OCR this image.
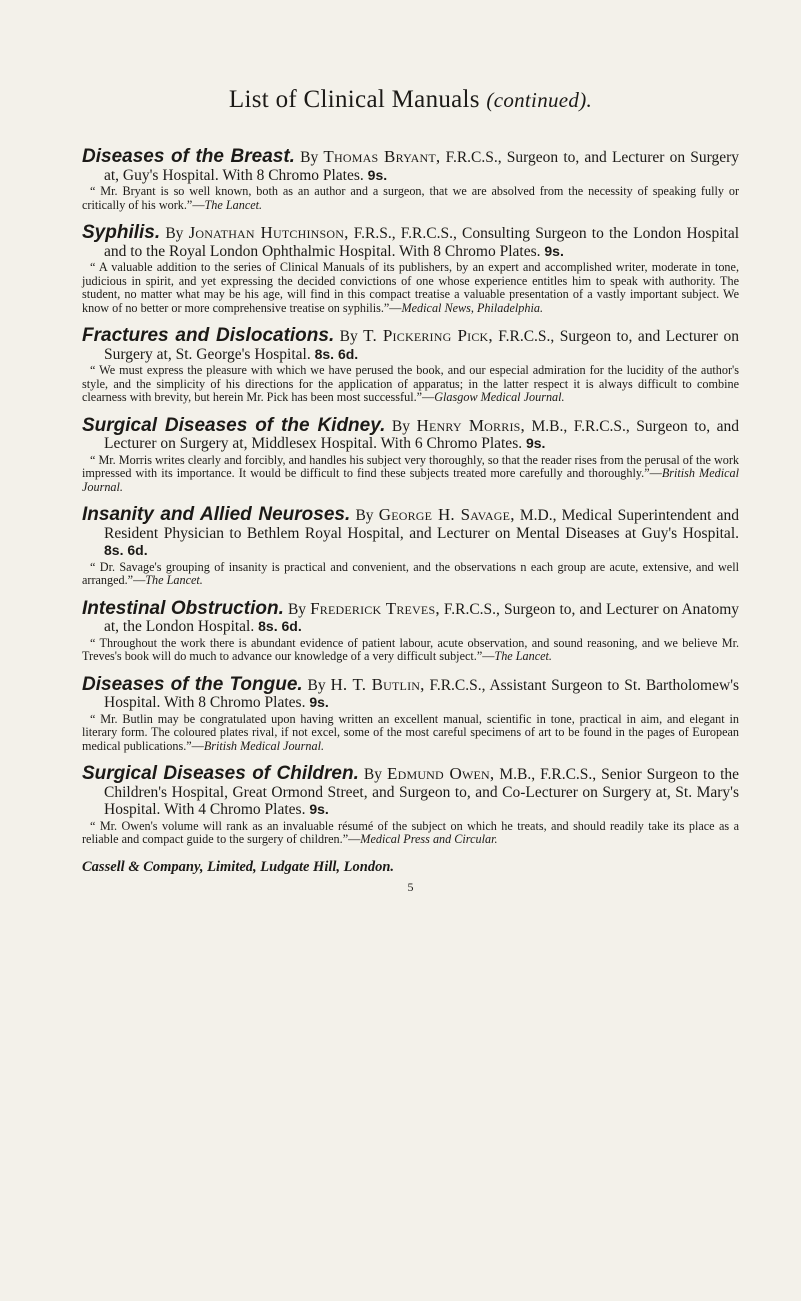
List of Clinical Manuals (continued).
Diseases of the Breast. By Thomas Bryant, F.R.C.S., Surgeon to, and Lecturer on Surgery at, Guy's Hospital. With 8 Chromo Plates. 9s.
“ Mr. Bryant is so well known, both as an author and a surgeon, that we are absolved from the necessity of speaking fully or critically of his work.”—The Lancet.
Syphilis. By Jonathan Hutchinson, F.R.S., F.R.C.S., Consulting Surgeon to the London Hospital and to the Royal London Ophthalmic Hospital. With 8 Chromo Plates. 9s.
“ A valuable addition to the series of Clinical Manuals of its publishers, by an expert and accomplished writer, moderate in tone, judicious in spirit, and yet expressing the decided convictions of one whose experience entitles him to speak with authority. The student, no matter what may be his age, will find in this compact treatise a valuable presentation of a vastly important subject. We know of no better or more comprehensive treatise on syphilis.”—Medical News, Philadelphia.
Fractures and Dislocations. By T. Pickering Pick, F.R.C.S., Surgeon to, and Lecturer on Surgery at, St. George's Hospital. 8s. 6d.
“ We must express the pleasure with which we have perused the book, and our especial admiration for the lucidity of the author's style, and the simplicity of his directions for the application of apparatus; in the latter respect it is always difficult to combine clearness with brevity, but herein Mr. Pick has been most successful.”—Glasgow Medical Journal.
Surgical Diseases of the Kidney. By Henry Morris, M.B., F.R.C.S., Surgeon to, and Lecturer on Surgery at, Middlesex Hospital. With 6 Chromo Plates. 9s.
“ Mr. Morris writes clearly and forcibly, and handles his subject very thoroughly, so that the reader rises from the perusal of the work impressed with its importance. It would be difficult to find these subjects treated more carefully and thoroughly.”—British Medical Journal.
Insanity and Allied Neuroses. By George H. Savage, M.D., Medical Superintendent and Resident Physician to Bethlem Royal Hospital, and Lecturer on Mental Diseases at Guy's Hospital. 8s. 6d.
“ Dr. Savage's grouping of insanity is practical and convenient, and the observations n each group are acute, extensive, and well arranged.”—The Lancet.
Intestinal Obstruction. By Frederick Treves, F.R.C.S., Surgeon to, and Lecturer on Anatomy at, the London Hospital. 8s. 6d.
“ Throughout the work there is abundant evidence of patient labour, acute observation, and sound reasoning, and we believe Mr. Treves's book will do much to advance our knowledge of a very difficult subject.”—The Lancet.
Diseases of the Tongue. By H. T. Butlin, F.R.C.S., Assistant Surgeon to St. Bartholomew's Hospital. With 8 Chromo Plates. 9s.
“ Mr. Butlin may be congratulated upon having written an excellent manual, scientific in tone, practical in aim, and elegant in literary form. The coloured plates rival, if not excel, some of the most careful specimens of art to be found in the pages of European medical publications.”—British Medical Journal.
Surgical Diseases of Children. By Edmund Owen, M.B., F.R.C.S., Senior Surgeon to the Children's Hospital, Great Ormond Street, and Surgeon to, and Co-Lecturer on Surgery at, St. Mary's Hospital. With 4 Chromo Plates. 9s.
“ Mr. Owen's volume will rank as an invaluable résumé of the subject on which he treats, and should readily take its place as a reliable and compact guide to the surgery of children.”—Medical Press and Circular.
Cassell & Company, Limited, Ludgate Hill, London.
5
